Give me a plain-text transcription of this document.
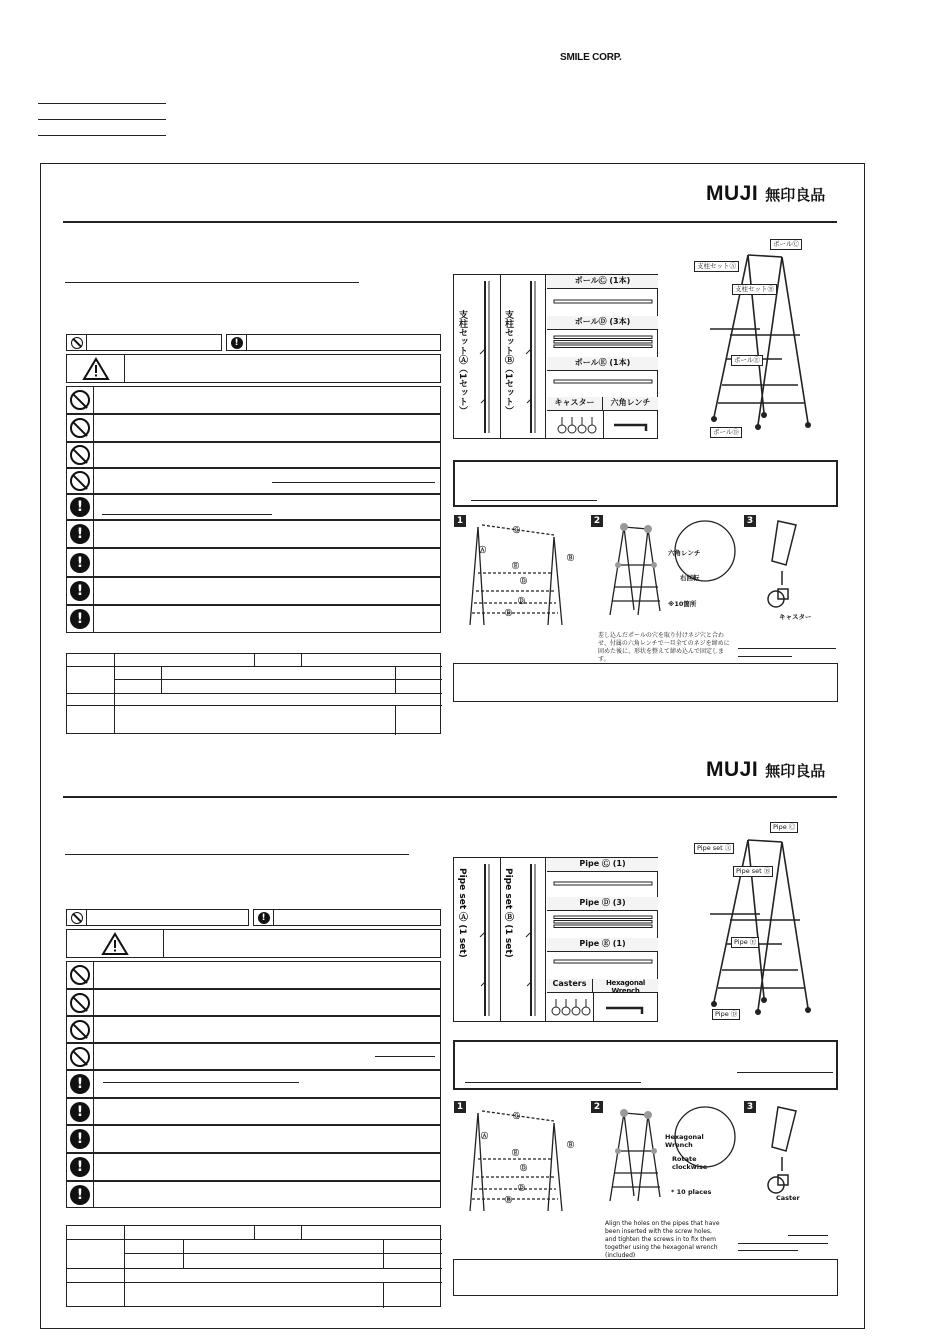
SMILE CORP.
MUJI 無印良品
!
!
!
!
!
!
支柱セットⒶ（1セット）	支柱セットⒷ（1セット）
ポールⒸ (1本)
ポールⒹ (3本)
ポールⒺ (1本)
キャスター	六角レンチ
ポールⒸ
支柱セットⒶ
支柱セットⒷ
ポールⒺ
ポールⒹ
1	2	3
Ⓐ
Ⓒ
Ⓑ
Ⓔ
Ⓓ
Ⓓ
Ⓓ
六角レンチ
右回転
※10箇所
差し込んだポールの穴を取り付けネジ穴と合わせ、付属の六角レンチで一旦全てのネジを締めに固めた後に、形状を整えて締め込んで固定します。
キャスター
MUJI 無印良品
!
!
!
!
!
!
Pipe set Ⓐ (1 set)	Pipe set Ⓑ (1 set)
Pipe Ⓒ (1)
Pipe Ⓓ (3)
Pipe Ⓔ (1)
Casters	Hexagonal Wrench
Pipe Ⓒ
Pipe set Ⓐ
Pipe set Ⓑ
Pipe Ⓔ
Pipe Ⓓ
1	2	3
Ⓐ
Ⓒ
Ⓑ
Ⓔ
Ⓓ
Ⓓ
Ⓓ
Hexagonal Wrench
Rotate clockwise
* 10 places
Align the holes on the pipes that have been inserted with the screw holes, and tighten the screws in to fix them together using the hexagonal wrench (included)
Caster
